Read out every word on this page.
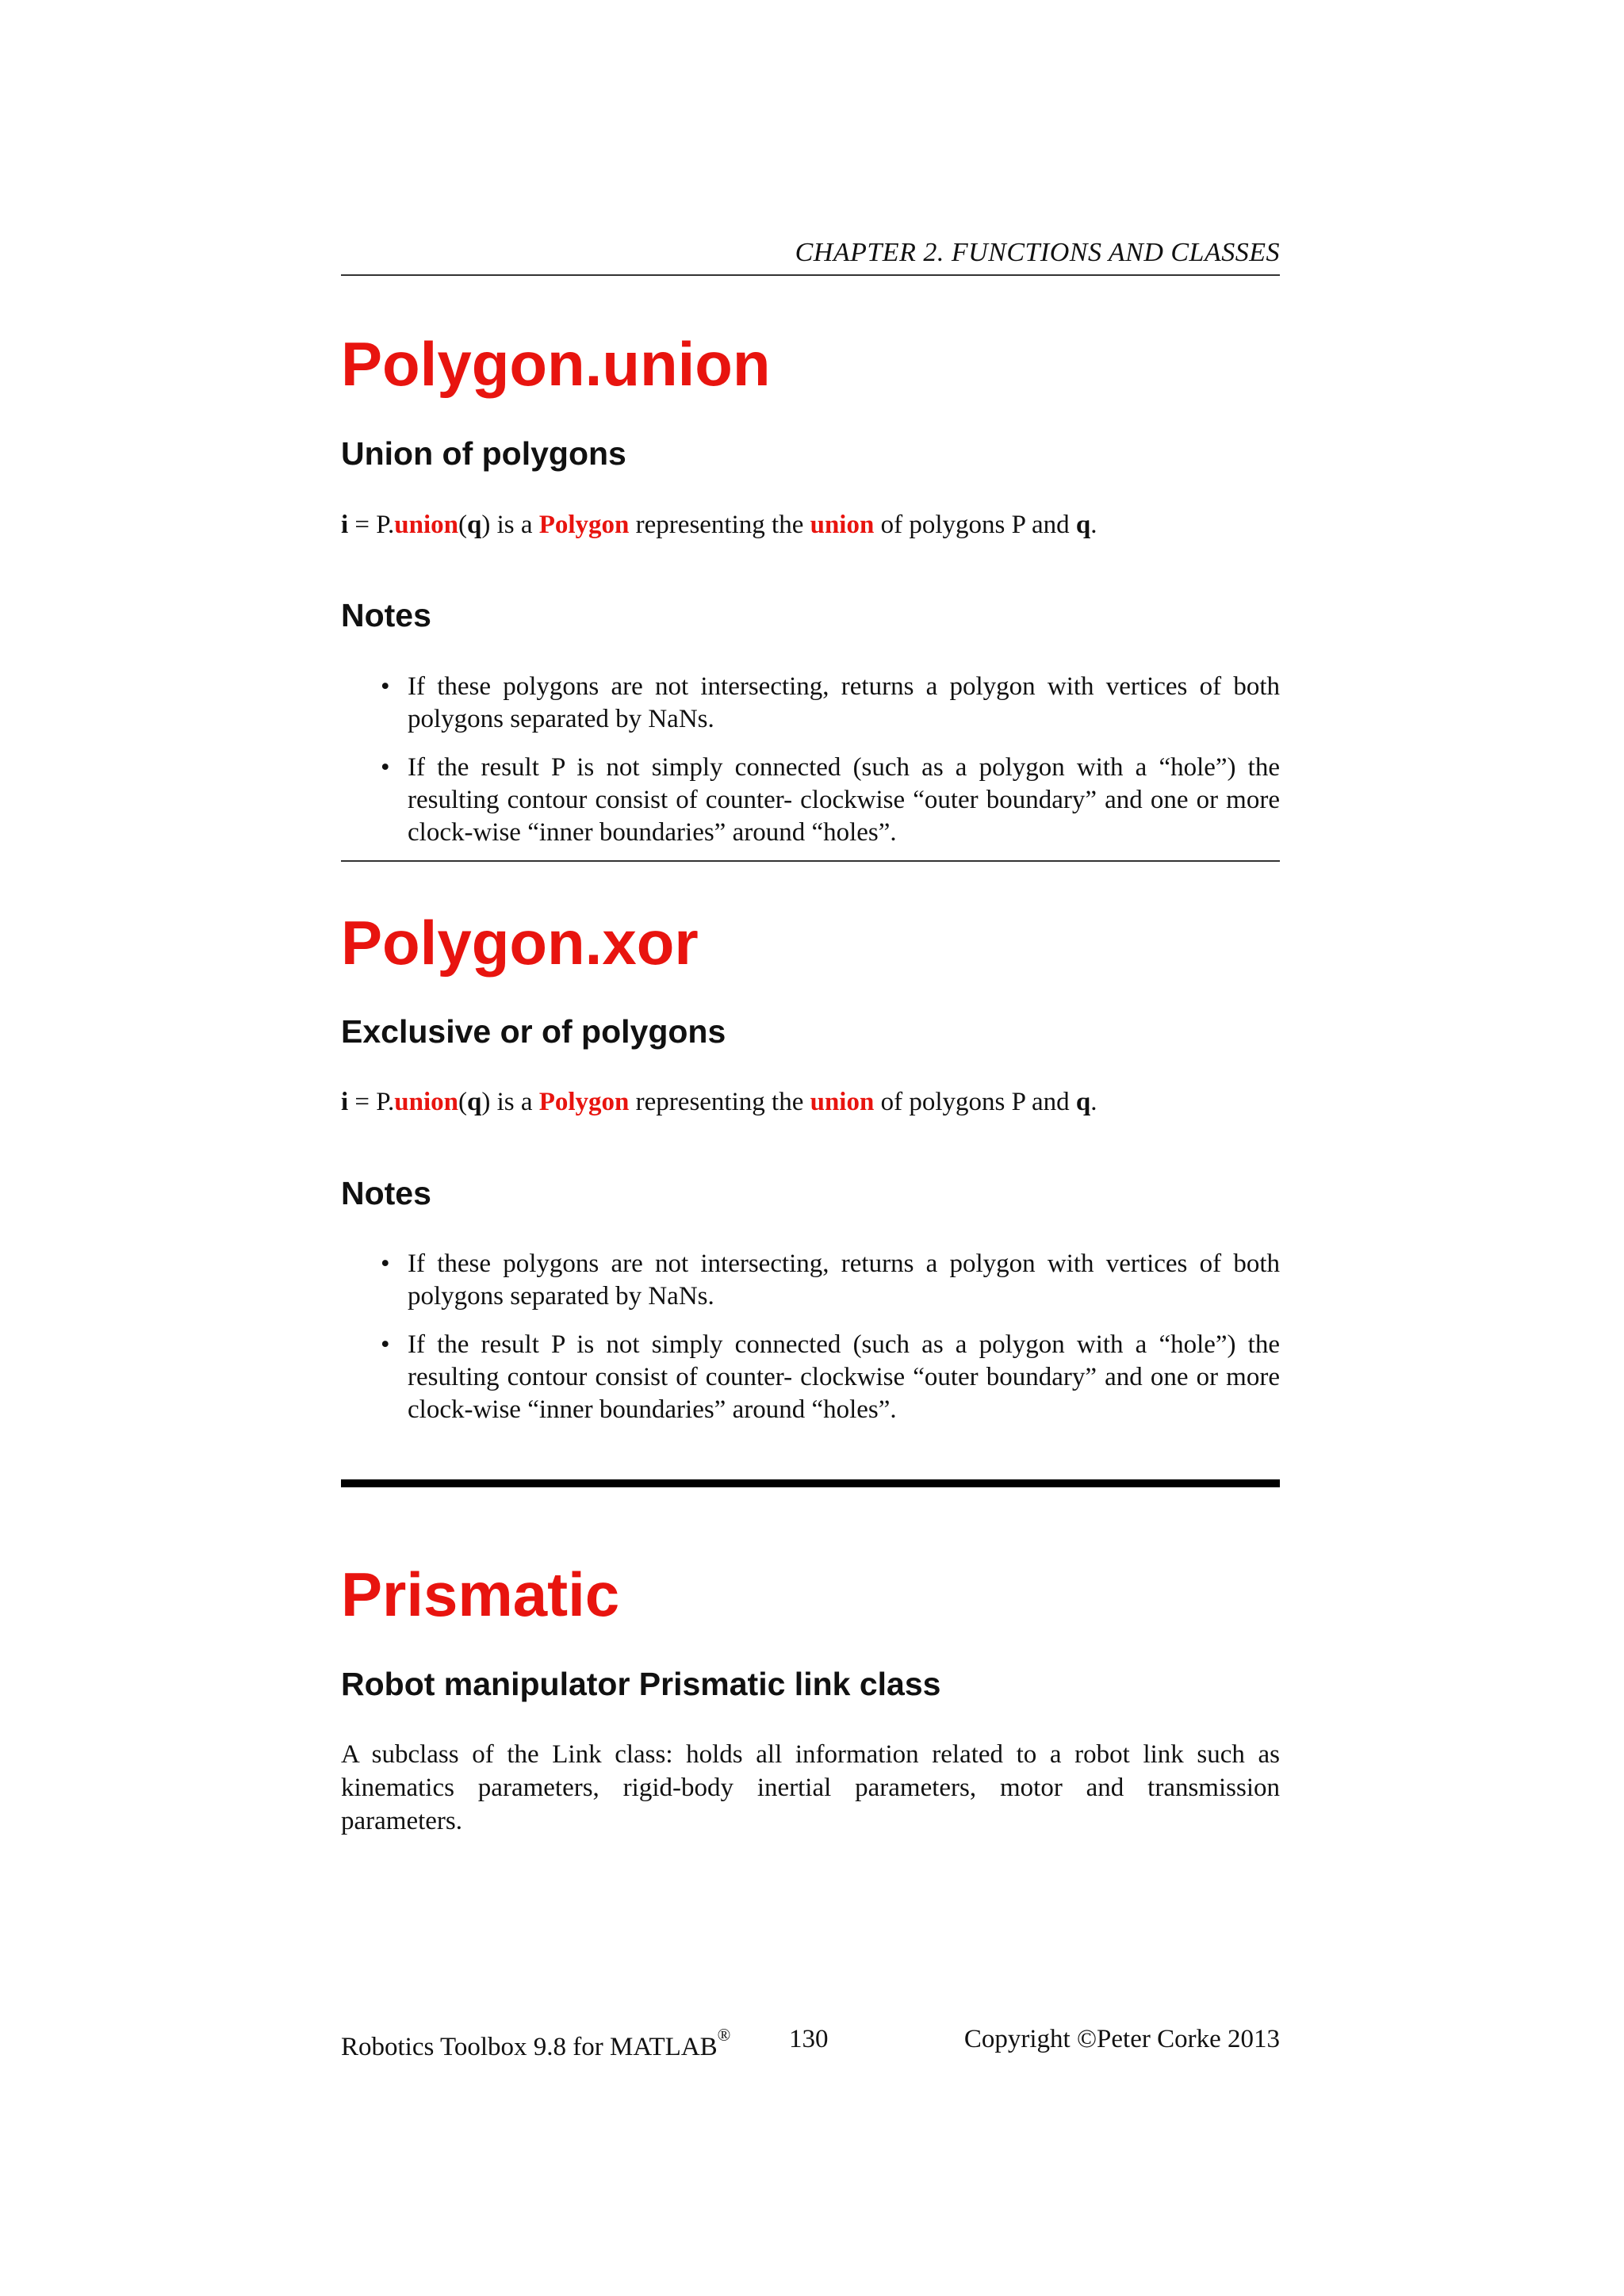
CHAPTER 2. FUNCTIONS AND CLASSES
Polygon.union
Union of polygons

i = P.union(q) is a Polygon representing the union of polygons P and q.

Notes
• If these polygons are not intersecting, returns a polygon with vertices of both polygons separated by NaNs.
• If the result P is not simply connected (such as a polygon with a “hole”) the resulting contour consist of counter- clockwise “outer boundary” and one or more clock-wise “inner boundaries” around “holes”.
Polygon.xor
Exclusive or of polygons

i = P.union(q) is a Polygon representing the union of polygons P and q.

Notes
• If these polygons are not intersecting, returns a polygon with vertices of both polygons separated by NaNs.
• If the result P is not simply connected (such as a polygon with a “hole”) the resulting contour consist of counter- clockwise “outer boundary” and one or more clock-wise “inner boundaries” around “holes”.
Prismatic
Robot manipulator Prismatic link class

A subclass of the Link class: holds all information related to a robot link such as kinematics parameters, rigid-body inertial parameters, motor and transmission parameters.

Robotics Toolbox 9.8 for MATLAB® 130	Copyright ©Peter Corke 2013
